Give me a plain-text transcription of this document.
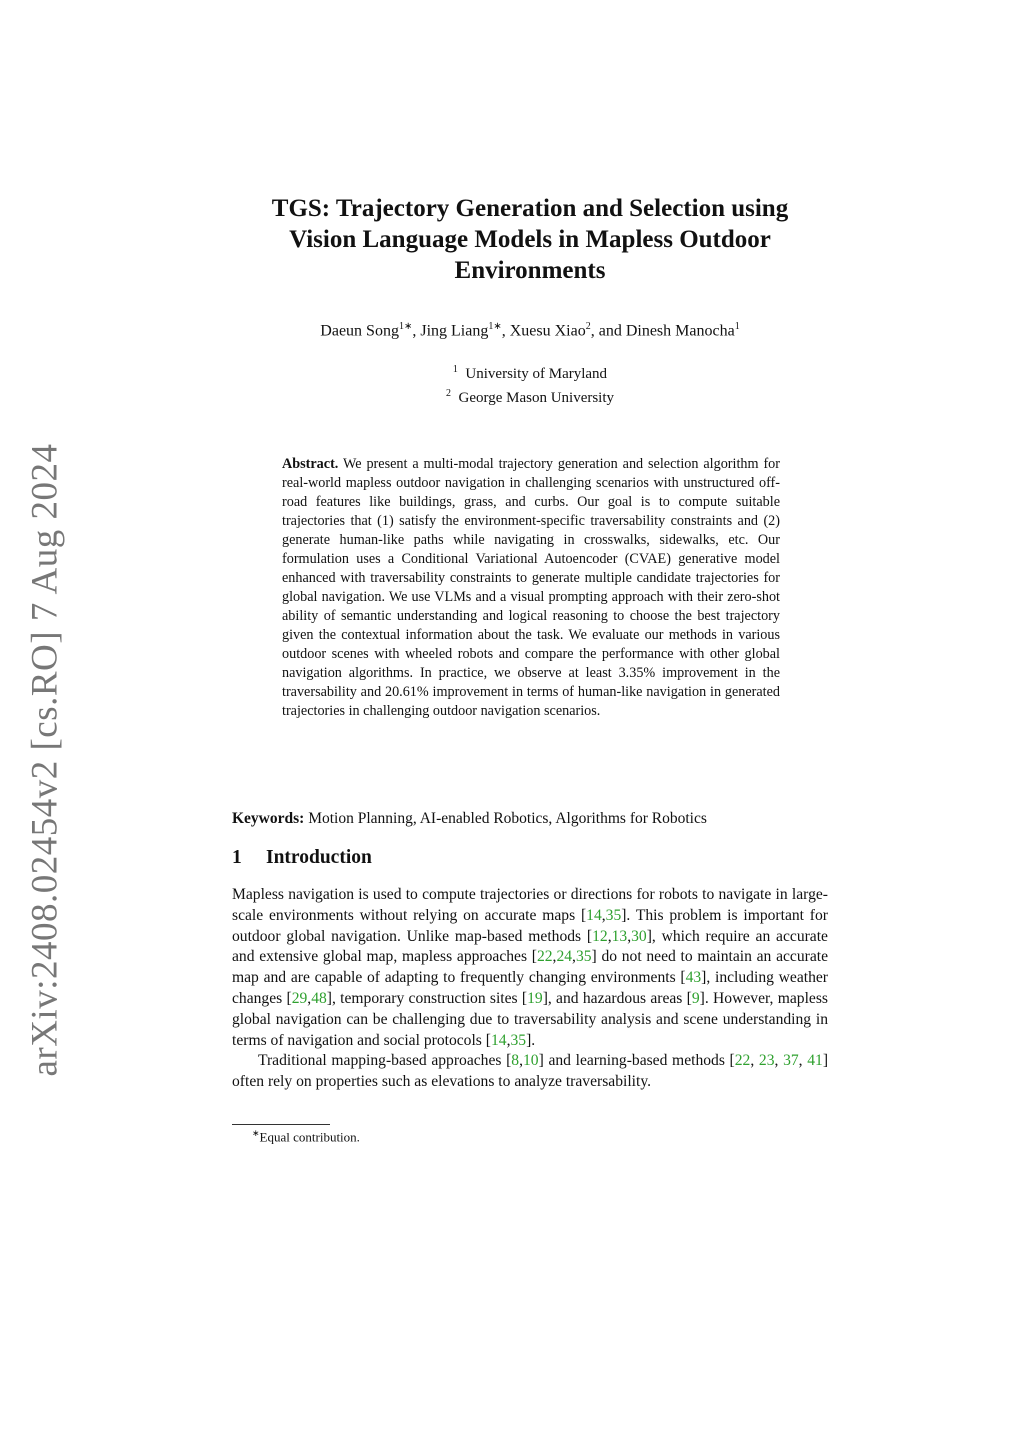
arXiv:2408.02454v2 [cs.RO] 7 Aug 2024
TGS: Trajectory Generation and Selection using
Vision Language Models in Mapless Outdoor
Environments
Daeun Song$^{1∗}$, Jing Liang$^{1∗}$, Xuesu Xiao$^2$, and Dinesh Manocha$^1$
$^1$ University of Maryland
$^2$ George Mason University
Abstract. We present a multi-modal trajectory generation and selection algorithm for real-world mapless outdoor navigation in challenging scenarios with unstructured off-road features like buildings, grass, and curbs. Our goal is to compute suitable trajectories that (1) satisfy the environment-specific traversability constraints and (2) generate human-like paths while navigating in crosswalks, sidewalks, etc. Our formulation uses a Conditional Variational Autoencoder (CVAE) generative model enhanced with traversability constraints to generate multiple candidate trajectories for global navigation. We use VLMs and a visual prompting approach with their zero-shot ability of semantic understanding and logical reasoning to choose the best trajectory given the contextual information about the task. We evaluate our methods in various outdoor scenes with wheeled robots and compare the performance with other global navigation algorithms. In practice, we observe at least 3.35% improvement in the traversability and 20.61% improvement in terms of human-like navigation in generated trajectories in challenging outdoor navigation scenarios.
Keywords: Motion Planning, AI-enabled Robotics, Algorithms for Robotics
1 Introduction

Mapless navigation is used to compute trajectories or directions for robots to navigate in large-scale environments without relying on accurate maps [14,35]. This problem is important for outdoor global navigation. Unlike map-based methods [12,13,30], which require an accurate and extensive global map, mapless approaches [22,24,35] do not need to maintain an accurate map and are capable of adapting to frequently changing environments [43], including weather changes [29,48], temporary construction sites [19], and hazardous areas [9]. However, mapless global navigation can be challenging due to traversability analysis and scene understanding in terms of navigation and social protocols [14,35].

Traditional mapping-based approaches [8,10] and learning-based methods [22, 23, 37, 41] often rely on properties such as elevations to analyze traversability.

∗Equal contribution.
